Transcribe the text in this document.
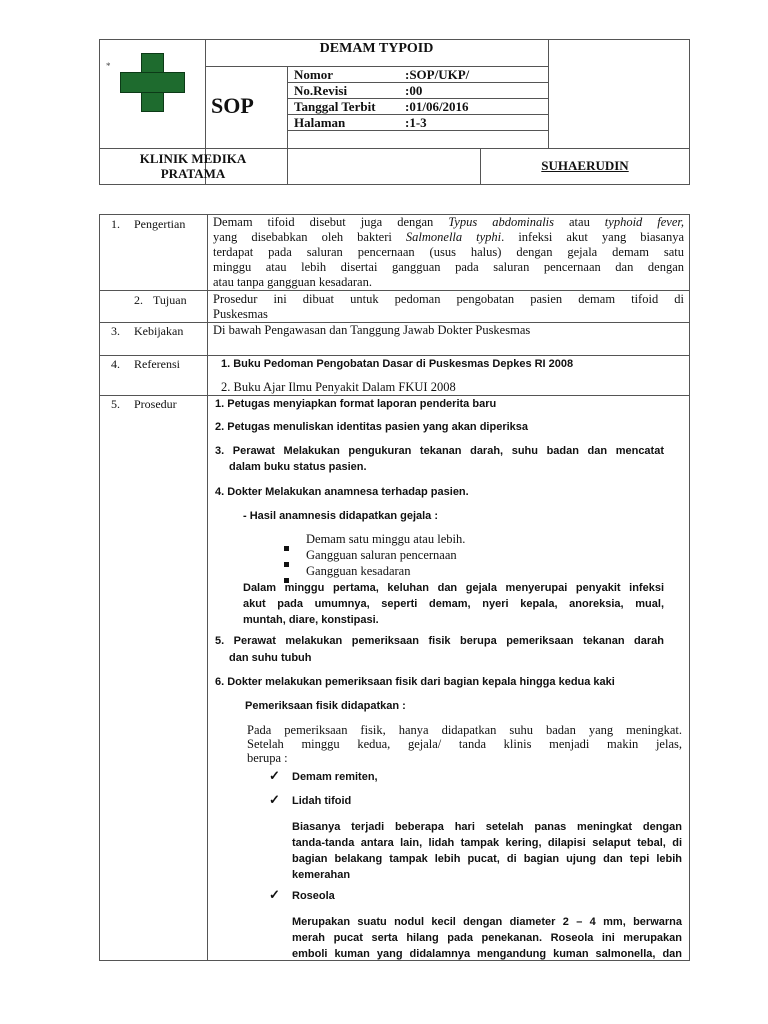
*
DEMAM TYPOID
SOP
Nomor	:SOP/UKP/
No.Revisi	:00
Tanggal Terbit :01/06/2016
Halaman	:1-3
KLINIK MEDIKA
PRATAMA
SUHAERUDIN
1. Pengertian Demam tifoid disebut juga dengan Typus abdominalis atau typhoid fever,
yang disebabkan oleh bakteri Salmonella typhi. infeksi akut yang biasanya
terdapat pada saluran pencernaan (usus halus) dengan gejala demam satu
minggu atau lebih disertai gangguan pada saluran pencernaan dan dengan
atau tanpa gangguan kesadaran.
2. Tujuan Prosedur ini dibuat untuk pedoman pengobatan pasien demam tifoid di
Puskesmas
3. Kebijakan Di bawah Pengawasan dan Tanggung Jawab Dokter Puskesmas
4. Referensi	1. Buku Pedoman Pengobatan Dasar di Puskesmas Depkes RI 2008
2. Buku Ajar Ilmu Penyakit Dalam FKUI 2008
5. Prosedur	1. Petugas menyiapkan format laporan penderita baru
2. Petugas menuliskan identitas pasien yang akan diperiksa
3. Perawat Melakukan pengukuran tekanan darah, suhu badan dan mencatat
dalam buku status pasien.
4. Dokter Melakukan anamnesa terhadap pasien.
- Hasil anamnesis didapatkan gejala :
Demam satu minggu atau lebih.
Gangguan saluran pencernaan
Gangguan kesadaran
Dalam minggu pertama, keluhan dan gejala menyerupai penyakit infeksi
akut pada umumnya, seperti demam, nyeri kepala, anoreksia, mual,
muntah, diare, konstipasi.
5. Perawat melakukan pemeriksaan fisik berupa pemeriksaan tekanan darah
dan suhu tubuh
6. Dokter melakukan pemeriksaan fisik dari bagian kepala hingga kedua kaki
Pemeriksaan fisik didapatkan :
Pada pemeriksaan fisik, hanya didapatkan suhu badan yang meningkat.
Setelah minggu kedua, gejala/ tanda klinis menjadi makin jelas,
berupa :
✓ Demam remiten,
✓ Lidah tifoid
Biasanya terjadi beberapa hari setelah panas meningkat dengan
tanda-tanda antara lain, lidah tampak kering, dilapisi selaput tebal, di
bagian belakang tampak lebih pucat, di bagian ujung dan tepi lebih
kemerahan
✓ Roseola
Merupakan suatu nodul kecil dengan diameter 2 – 4 mm, berwarna
merah pucat serta hilang pada penekanan. Roseola ini merupakan
emboli kuman yang didalamnya mengandung kuman salmonella, dan
